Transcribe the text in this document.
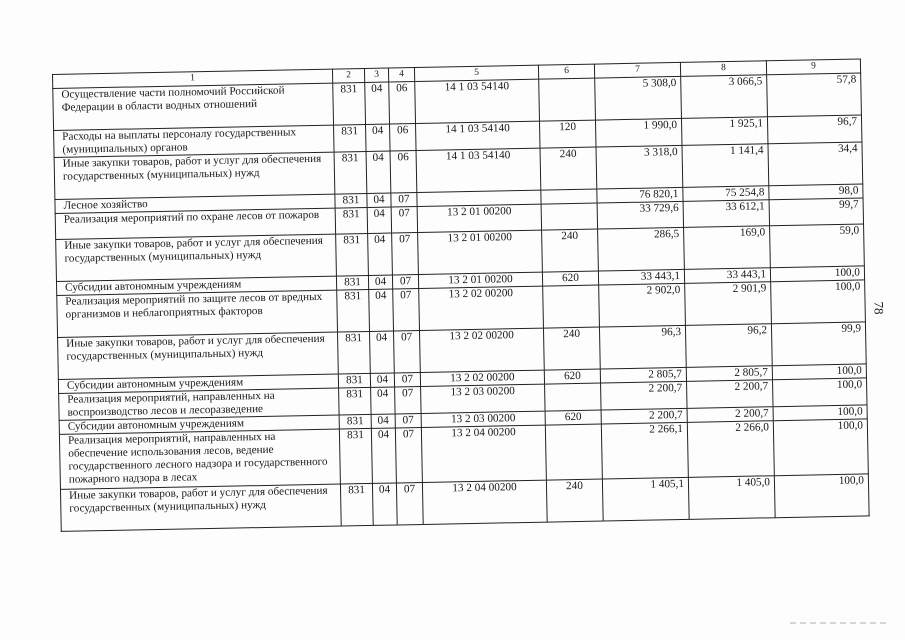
78
1	2	3	4	5	6	7	8	9
Осуществление части полномочий Российской Федерации в области водных отношений	831	04	06	14 1 03 54140		5 308,0	3 066,5	57,8
Расходы на выплаты персоналу государственных (муниципальных) органов	831	04	06	14 1 03 54140	120	1 990,0	1 925,1	96,7
Иные закупки товаров, работ и услуг для обеспечения государственных (муниципальных) нужд	831	04	06	14 1 03 54140	240	3 318,0	1 141,4	34,4
Лесное хозяйство	831	04	07			76 820,1	75 254,8	98,0
Реализация мероприятий по охране лесов от пожаров	831	04	07	13 2 01 00200		33 729,6	33 612,1	99,7
Иные закупки товаров, работ и услуг для обеспечения государственных (муниципальных) нужд	831	04	07	13 2 01 00200	240	286,5	169,0	59,0
Субсидии автономным учреждениям	831	04	07	13 2 01 00200	620	33 443,1	33 443,1	100,0
Реализация мероприятий по защите лесов от вредных организмов и неблагоприятных факторов	831	04	07	13 2 02 00200		2 902,0	2 901,9	100,0
Иные закупки товаров, работ и услуг для обеспечения государственных (муниципальных) нужд	831	04	07	13 2 02 00200	240	96,3	96,2	99,9
Субсидии автономным учреждениям	831	04	07	13 2 02 00200	620	2 805,7	2 805,7	100,0
Реализация мероприятий, направленных на воспроизводство лесов и лесоразведение	831	04	07	13 2 03 00200		2 200,7	2 200,7	100,0
Субсидии автономным учреждениям	831	04	07	13 2 03 00200	620	2 200,7	2 200,7	100,0
Реализация мероприятий, направленных на обеспечение использования лесов, ведение государственного лесного надзора и государственного пожарного надзора в лесах	831	04	07	13 2 04 00200		2 266,1	2 266,0	100,0
Иные закупки товаров, работ и услуг для обеспечения государственных (муниципальных) нужд	831	04	07	13 2 04 00200	240	1 405,1	1 405,0	100,0
